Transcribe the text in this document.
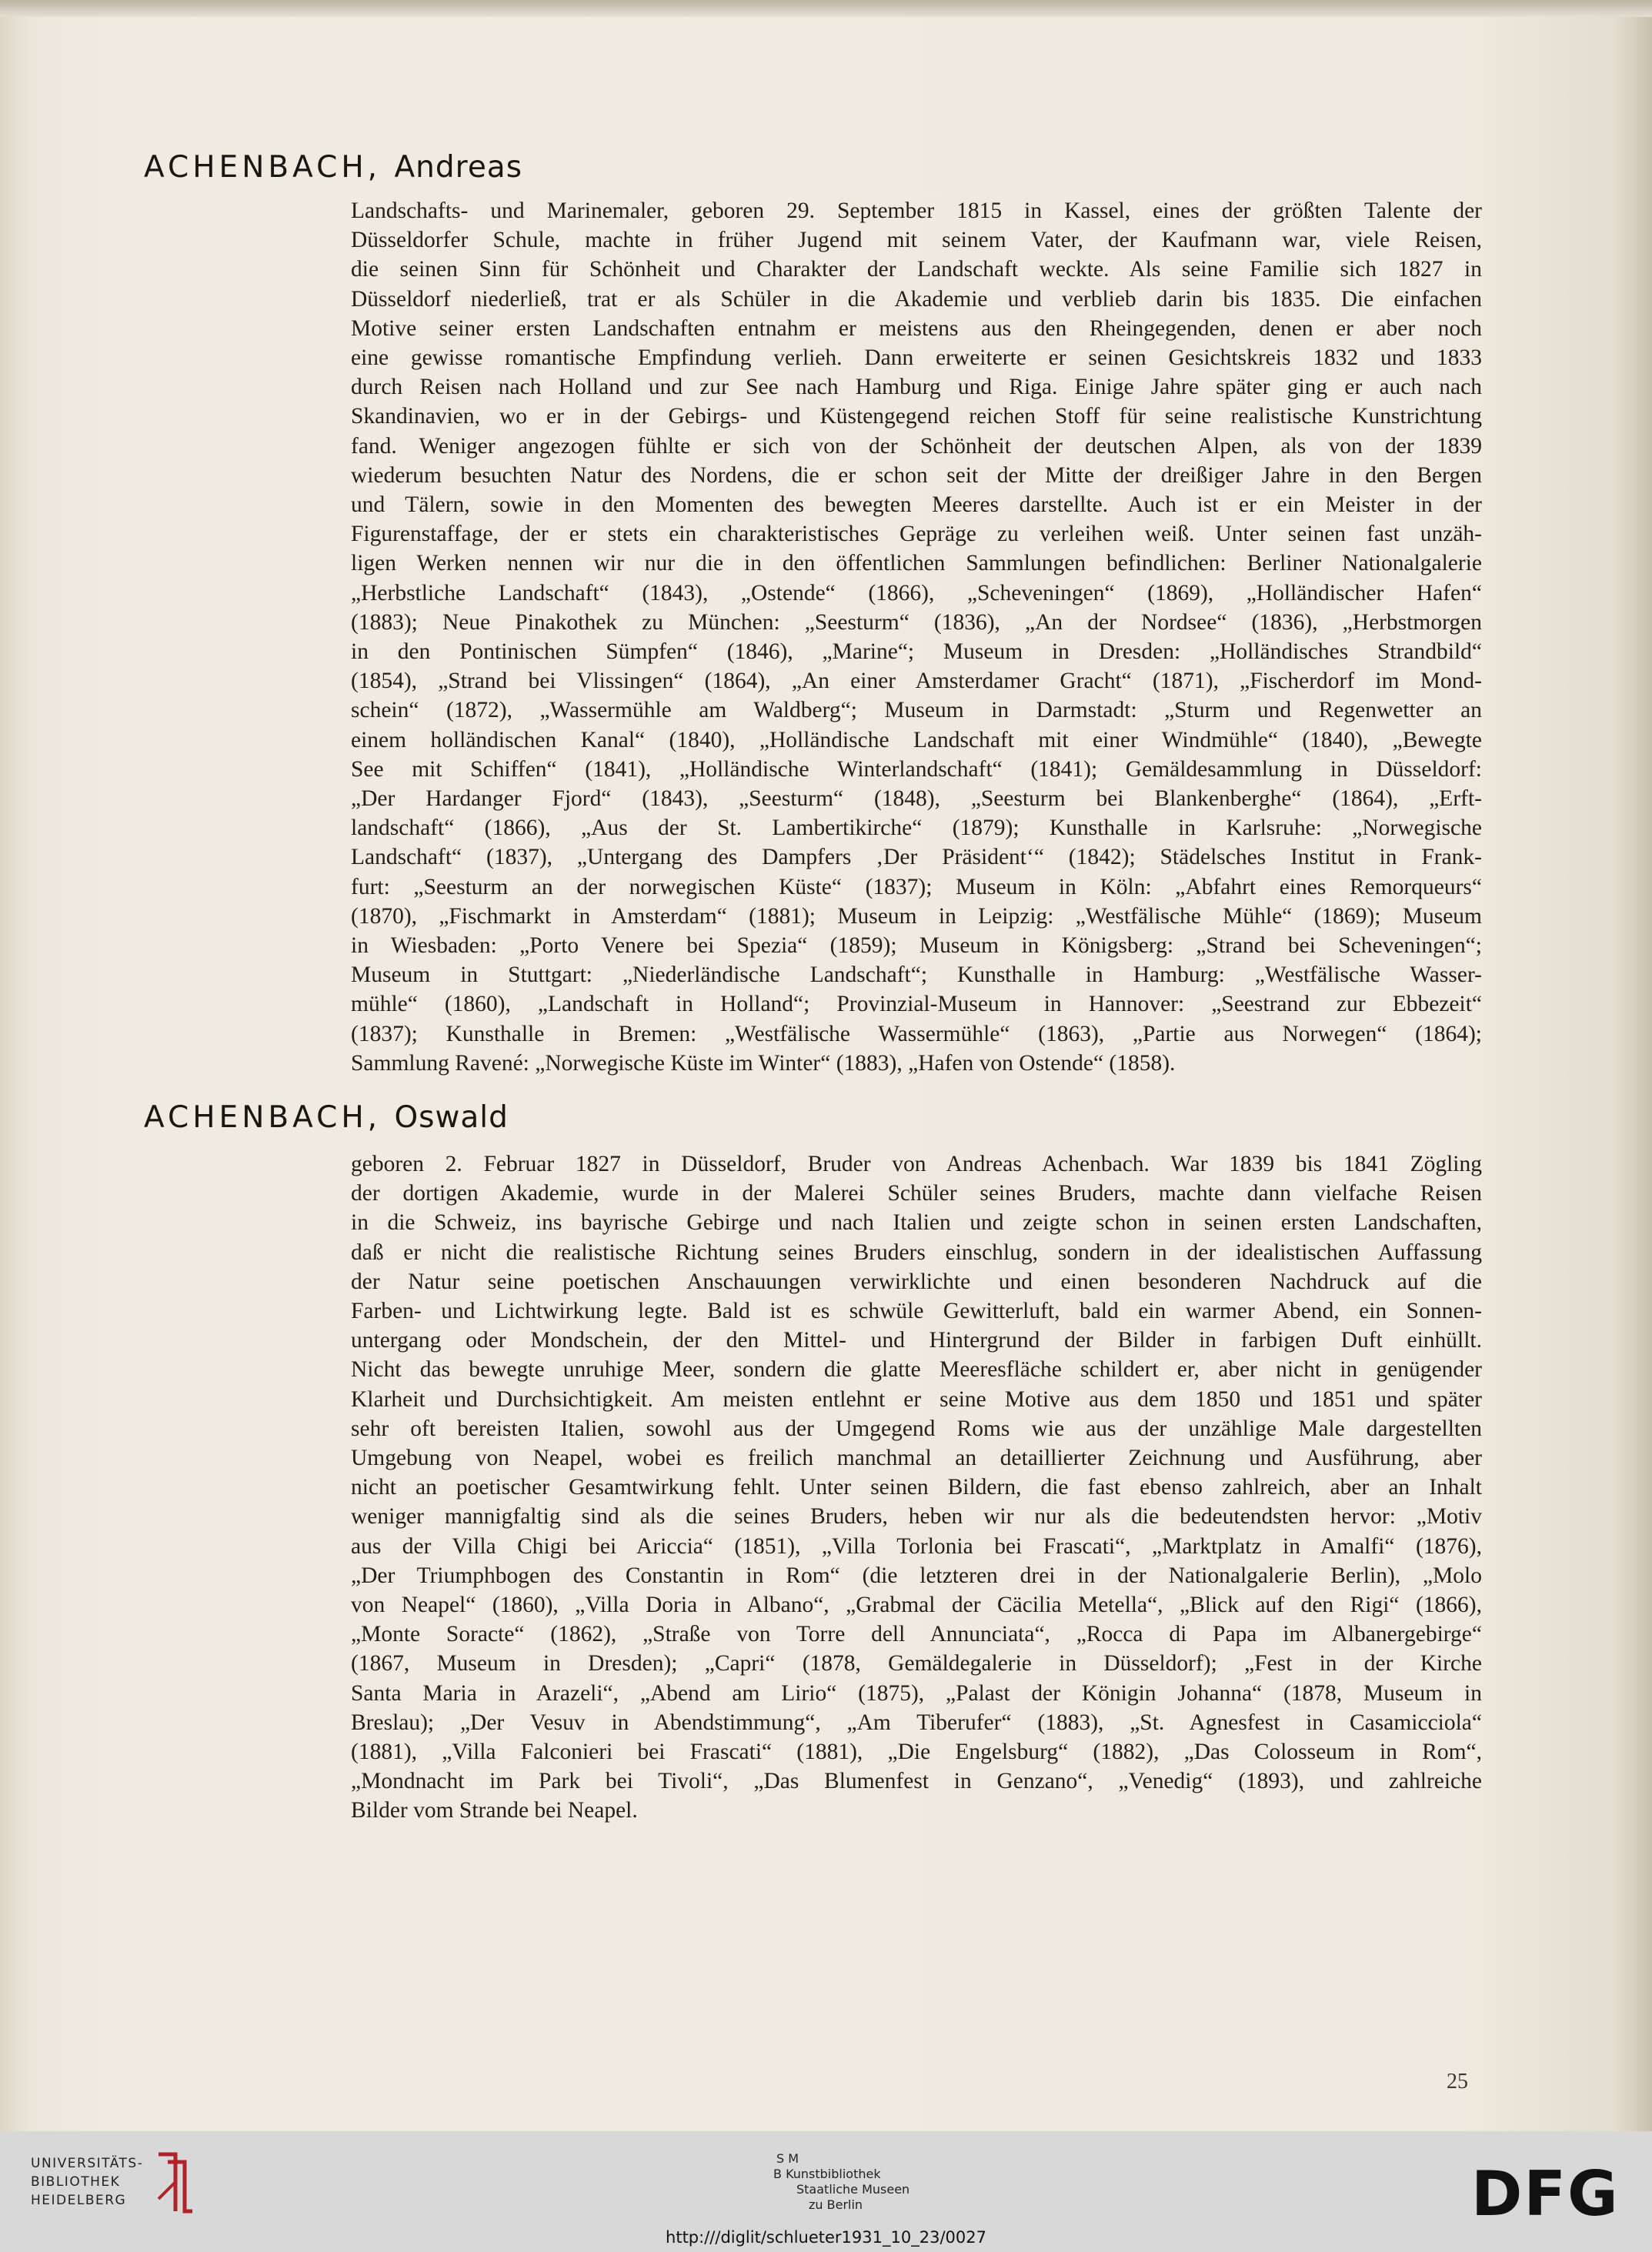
ACHENBACH, Andreas
Landschafts- und Marinemaler, geboren 29. September 1815 in Kassel, eines der größten Talente der
Düsseldorfer Schule, machte in früher Jugend mit seinem Vater, der Kaufmann war, viele Reisen,
die seinen Sinn für Schönheit und Charakter der Landschaft weckte. Als seine Familie sich 1827 in
Düsseldorf niederließ, trat er als Schüler in die Akademie und verblieb darin bis 1835. Die einfachen
Motive seiner ersten Landschaften entnahm er meistens aus den Rheingegenden, denen er aber noch
eine gewisse romantische Empfindung verlieh. Dann erweiterte er seinen Gesichtskreis 1832 und 1833
durch Reisen nach Holland und zur See nach Hamburg und Riga. Einige Jahre später ging er auch nach
Skandinavien, wo er in der Gebirgs- und Küstengegend reichen Stoff für seine realistische Kunstrichtung
fand. Weniger angezogen fühlte er sich von der Schönheit der deutschen Alpen, als von der 1839
wiederum besuchten Natur des Nordens, die er schon seit der Mitte der dreißiger Jahre in den Bergen
und Tälern, sowie in den Momenten des bewegten Meeres darstellte. Auch ist er ein Meister in der
Figurenstaffage, der er stets ein charakteristisches Gepräge zu verleihen weiß. Unter seinen fast unzäh-
ligen Werken nennen wir nur die in den öffentlichen Sammlungen befindlichen: Berliner Nationalgalerie
„Herbstliche Landschaft“ (1843), „Ostende“ (1866), „Scheveningen“ (1869), „Holländischer Hafen“
(1883); Neue Pinakothek zu München: „Seesturm“ (1836), „An der Nordsee“ (1836), „Herbstmorgen
in den Pontinischen Sümpfen“ (1846), „Marine“; Museum in Dresden: „Holländisches Strandbild“
(1854), „Strand bei Vlissingen“ (1864), „An einer Amsterdamer Gracht“ (1871), „Fischerdorf im Mond-
schein“ (1872), „Wassermühle am Waldberg“; Museum in Darmstadt: „Sturm und Regenwetter an
einem holländischen Kanal“ (1840), „Holländische Landschaft mit einer Windmühle“ (1840), „Bewegte
See mit Schiffen“ (1841), „Holländische Winterlandschaft“ (1841); Gemäldesammlung in Düsseldorf:
„Der Hardanger Fjord“ (1843), „Seesturm“ (1848), „Seesturm bei Blankenberghe“ (1864), „Erft-
landschaft“ (1866), „Aus der St. Lambertikirche“ (1879); Kunsthalle in Karlsruhe: „Norwegische
Landschaft“ (1837), „Untergang des Dampfers ‚Der Präsident‘“ (1842); Städelsches Institut in Frank-
furt: „Seesturm an der norwegischen Küste“ (1837); Museum in Köln: „Abfahrt eines Remorqueurs“
(1870), „Fischmarkt in Amsterdam“ (1881); Museum in Leipzig: „Westfälische Mühle“ (1869); Museum
in Wiesbaden: „Porto Venere bei Spezia“ (1859); Museum in Königsberg: „Strand bei Scheveningen“;
Museum in Stuttgart: „Niederländische Landschaft“; Kunsthalle in Hamburg: „Westfälische Wasser-
mühle“ (1860), „Landschaft in Holland“; Provinzial-Museum in Hannover: „Seestrand zur Ebbezeit“
(1837); Kunsthalle in Bremen: „Westfälische Wassermühle“ (1863), „Partie aus Norwegen“ (1864);
Sammlung Ravené: „Norwegische Küste im Winter“ (1883), „Hafen von Ostende“ (1858).
ACHENBACH, Oswald
geboren 2. Februar 1827 in Düsseldorf, Bruder von Andreas Achenbach. War 1839 bis 1841 Zögling
der dortigen Akademie, wurde in der Malerei Schüler seines Bruders, machte dann vielfache Reisen
in die Schweiz, ins bayrische Gebirge und nach Italien und zeigte schon in seinen ersten Landschaften,
daß er nicht die realistische Richtung seines Bruders einschlug, sondern in der idealistischen Auffassung
der Natur seine poetischen Anschauungen verwirklichte und einen besonderen Nachdruck auf die
Farben- und Lichtwirkung legte. Bald ist es schwüle Gewitterluft, bald ein warmer Abend, ein Sonnen-
untergang oder Mondschein, der den Mittel- und Hintergrund der Bilder in farbigen Duft einhüllt.
Nicht das bewegte unruhige Meer, sondern die glatte Meeresfläche schildert er, aber nicht in genügender
Klarheit und Durchsichtigkeit. Am meisten entlehnt er seine Motive aus dem 1850 und 1851 und später
sehr oft bereisten Italien, sowohl aus der Umgegend Roms wie aus der unzählige Male dargestellten
Umgebung von Neapel, wobei es freilich manchmal an detaillierter Zeichnung und Ausführung, aber
nicht an poetischer Gesamtwirkung fehlt. Unter seinen Bildern, die fast ebenso zahlreich, aber an Inhalt
weniger mannigfaltig sind als die seines Bruders, heben wir nur als die bedeutendsten hervor: „Motiv
aus der Villa Chigi bei Ariccia“ (1851), „Villa Torlonia bei Frascati“, „Marktplatz in Amalfi“ (1876),
„Der Triumphbogen des Constantin in Rom“ (die letzteren drei in der Nationalgalerie Berlin), „Molo
von Neapel“ (1860), „Villa Doria in Albano“, „Grabmal der Cäcilia Metella“, „Blick auf den Rigi“ (1866),
„Monte Soracte“ (1862), „Straße von Torre dell Annunciata“, „Rocca di Papa im Albanergebirge“
(1867, Museum in Dresden); „Capri“ (1878, Gemäldegalerie in Düsseldorf); „Fest in der Kirche
Santa Maria in Arazeli“, „Abend am Lirio“ (1875), „Palast der Königin Johanna“ (1878, Museum in
Breslau); „Der Vesuv in Abendstimmung“, „Am Tiberufer“ (1883), „St. Agnesfest in Casamicciola“
(1881), „Villa Falconieri bei Frascati“ (1881), „Die Engelsburg“ (1882), „Das Colosseum in Rom“,
„Mondnacht im Park bei Tivoli“, „Das Blumenfest in Genzano“, „Venedig“ (1893), und zahlreiche
Bilder vom Strande bei Neapel.
25
UNIVERSITÄTS-
BIBLIOTHEK
HEIDELBERG
S M
B Kunstbibliothek
Staatliche Museen
zu Berlin	DFG
http:///diglit/schlueter1931_10_23/0027
